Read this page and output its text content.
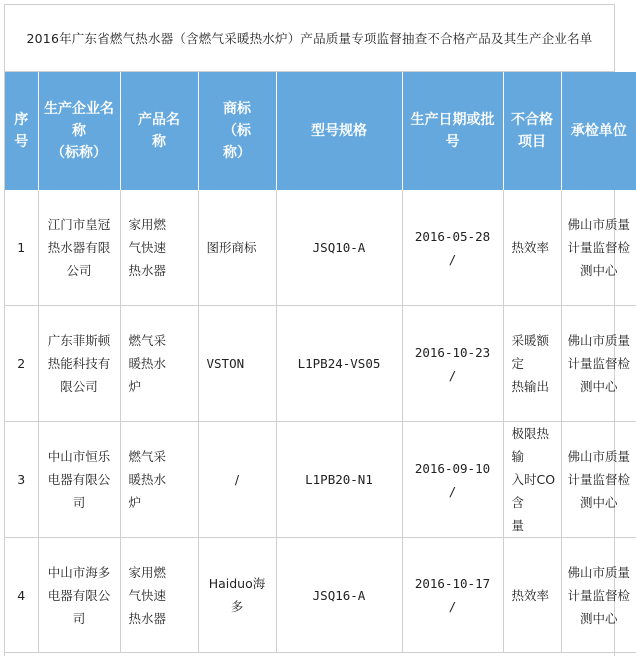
2016年广东省燃气热水器（含燃气采暖热水炉）产品质量专项监督抽查不合格产品及其生产企业名单
序
号	生产企业名
称
（标称）	产品名
称	商标
（标
称）	型号规格	生产日期或批
号	不合格
项目	承检单位

1	江门市皇冠
热水器有限
公司	家用燃
气快速
热水器	图形商标	JSQ10-A	2016-05-28
/	热效率	佛山市质量
计量监督检
测中心

2	广东菲斯顿
热能科技有
限公司	燃气采
暖热水
炉	VSTON	L1PB24-VS05	2016-10-23
/	采暖额定
热输出	佛山市质量
计量监督检
测中心

3	中山市恒乐
电器有限公
司	燃气采
暖热水
炉	/	L1PB20-N1	2016-09-10
/	极限热输
入时CO含
量	佛山市质量
计量监督检
测中心

4	中山市海多
电器有限公
司	家用燃
气快速
热水器	Haiduo海
多	JSQ16-A	2016-10-17
/	热效率	佛山市质量
计量监督检
测中心
